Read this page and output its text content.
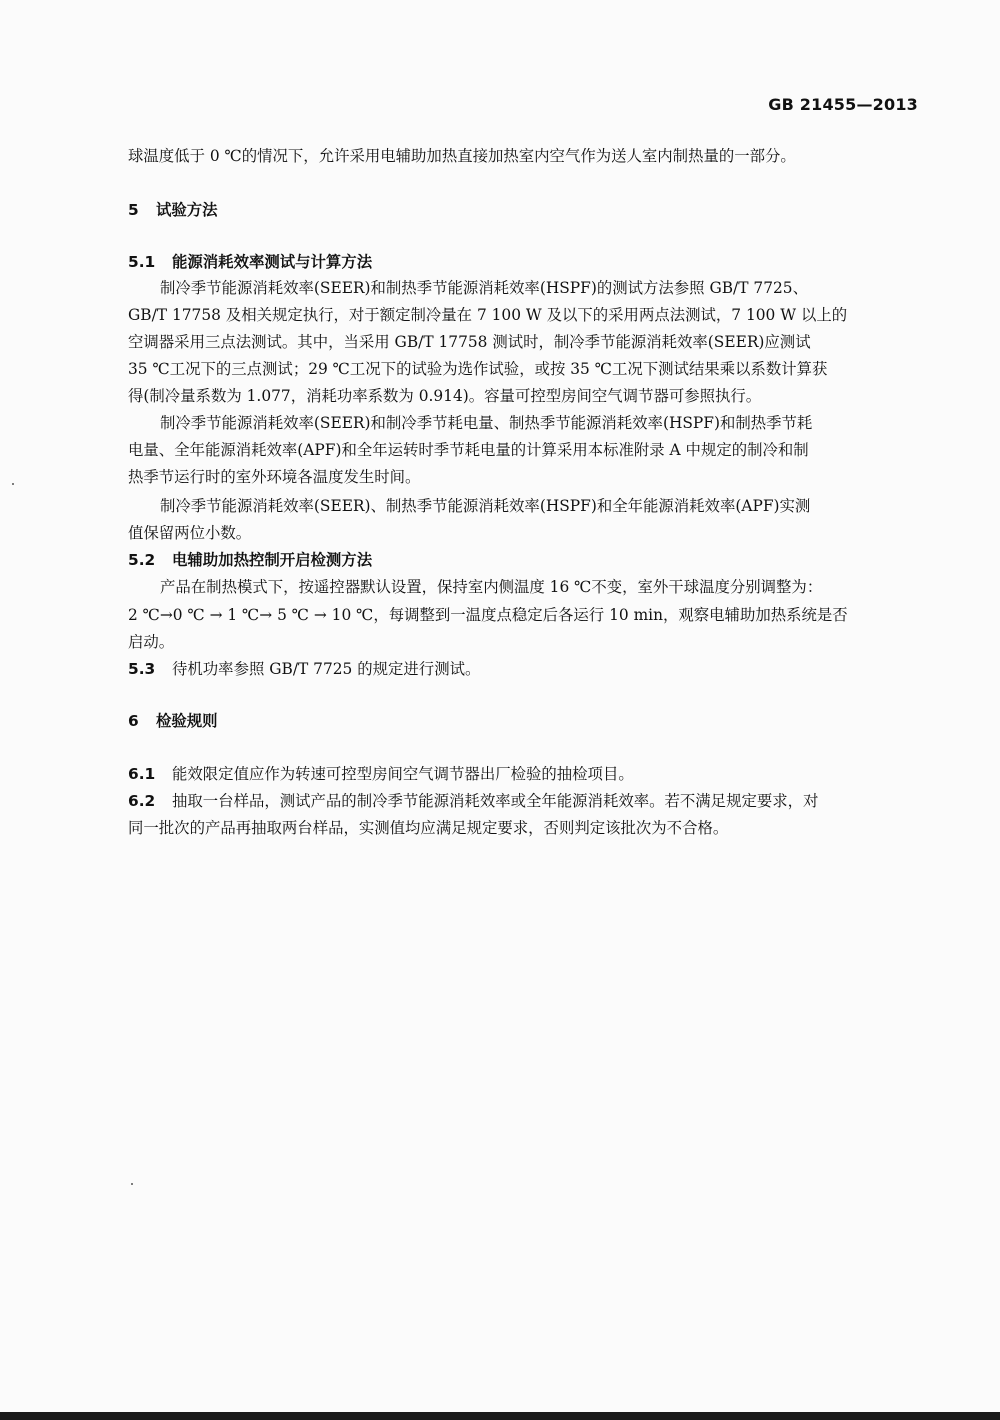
GB 21455—2013
球温度低于 0 ℃的情况下，允许采用电辅助加热直接加热室内空气作为送人室内制热量的一部分。
5 试验方法
5.1 能源消耗效率测试与计算方法
制冷季节能源消耗效率(SEER)和制热季节能源消耗效率(HSPF)的测试方法参照 GB/T 7725、
GB/T 17758 及相关规定执行，对于额定制冷量在 7 100 W 及以下的采用两点法测试，7 100 W 以上的
空调器采用三点法测试。其中，当采用 GB/T 17758 测试时，制冷季节能源消耗效率(SEER)应测试
35 ℃工况下的三点测试；29 ℃工况下的试验为选作试验，或按 35 ℃工况下测试结果乘以系数计算获
得(制冷量系数为 1.077，消耗功率系数为 0.914)。容量可控型房间空气调节器可参照执行。
制冷季节能源消耗效率(SEER)和制冷季节耗电量、制热季节能源消耗效率(HSPF)和制热季节耗
电量、全年能源消耗效率(APF)和全年运转时季节耗电量的计算采用本标准附录 A 中规定的制冷和制
热季节运行时的室外环境各温度发生时间。
制冷季节能源消耗效率(SEER)、制热季节能源消耗效率(HSPF)和全年能源消耗效率(APF)实测
值保留两位小数。
5.2 电辅助加热控制开启检测方法
产品在制热模式下，按遥控器默认设置，保持室内侧温度 16 ℃不变，室外干球温度分别调整为：
2 ℃→0 ℃ → 1 ℃→ 5 ℃ → 10 ℃，每调整到一温度点稳定后各运行 10 min，观察电辅助加热系统是否
启动。
5.3 待机功率参照 GB/T 7725 的规定进行测试。
6 检验规则
6.1 能效限定值应作为转速可控型房间空气调节器出厂检验的抽检项目。
6.2 抽取一台样品，测试产品的制冷季节能源消耗效率或全年能源消耗效率。若不满足规定要求，对
同一批次的产品再抽取两台样品，实测值均应满足规定要求，否则判定该批次为不合格。
